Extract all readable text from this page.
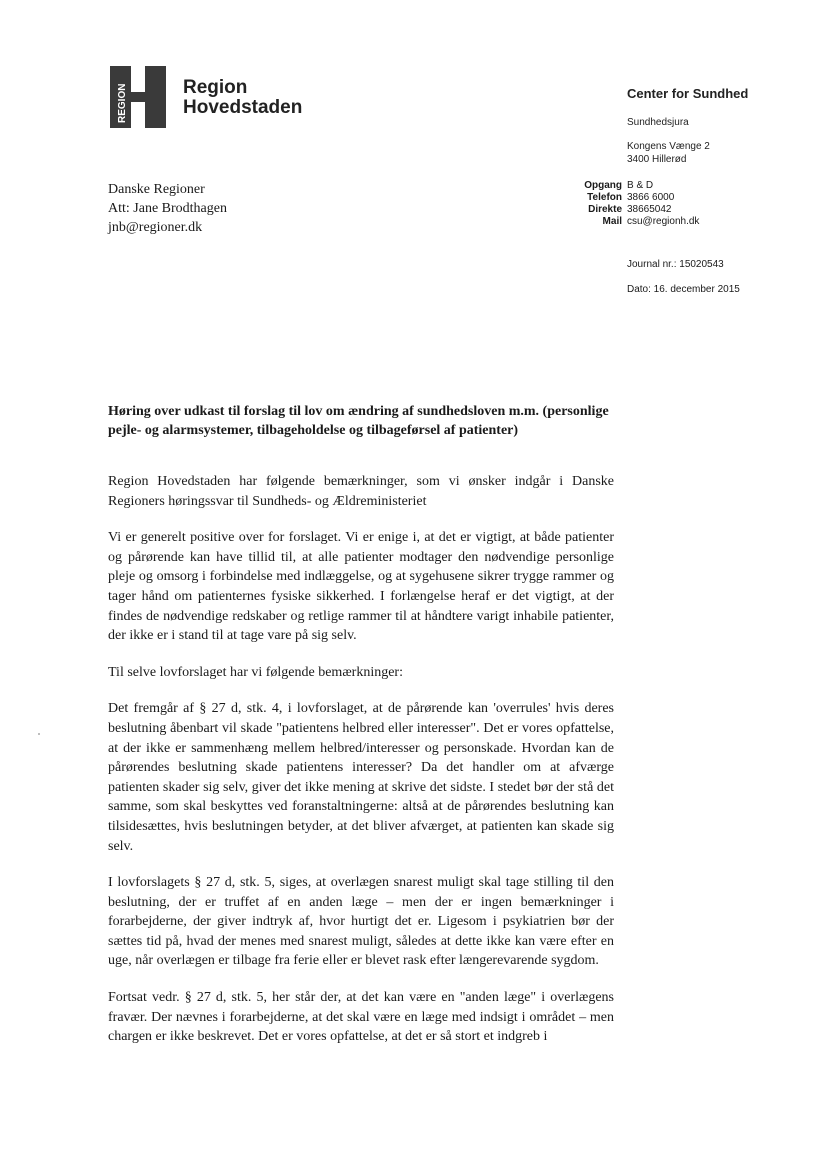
REGION	Region
Hovedstaden
Center for Sundhed
Sundhedsjura
Kongens Vænge 2
3400 Hillerød
Opgang B & D
Telefon 3866 6000
Direkte 38665042
Mail csu@regionh.dk
Journal nr.: 15020543
Dato: 16. december 2015
Danske Regioner
Att: Jane Brodthagen
jnb@regioner.dk
Høring over udkast til forslag til lov om ændring af sundhedsloven m.m. (personlige pejle- og alarmsystemer, tilbageholdelse og tilbageførsel af patienter)

Region Hovedstaden har følgende bemærkninger, som vi ønsker indgår i Danske Regioners høringssvar til Sundheds- og Ældreministeriet

Vi er generelt positive over for forslaget. Vi er enige i, at det er vigtigt, at både patienter og pårørende kan have tillid til, at alle patienter modtager den nødvendige personlige pleje og omsorg i forbindelse med indlæggelse, og at sygehusene sikrer trygge rammer og tager hånd om patienternes fysiske sikkerhed. I forlængelse heraf er det vigtigt, at der findes de nødvendige redskaber og retlige rammer til at håndtere varigt inhabile patienter, der ikke er i stand til at tage vare på sig selv.

Til selve lovforslaget har vi følgende bemærkninger:

Det fremgår af § 27 d, stk. 4, i lovforslaget, at de pårørende kan 'overrules' hvis deres beslutning åbenbart vil skade "patientens helbred eller interesser". Det er vores opfattelse, at der ikke er sammenhæng mellem helbred/interesser og personskade. Hvordan kan de pårørendes beslutning skade patientens interesser? Da det handler om at afværge patienten skader sig selv, giver det ikke mening at skrive det sidste. I stedet bør der stå det samme, som skal beskyttes ved foranstaltningerne: altså at de pårørendes beslutning kan tilsidesættes, hvis beslutningen betyder, at det bliver afværget, at patienten kan skade sig selv.

I lovforslagets § 27 d, stk. 5, siges, at overlægen snarest muligt skal tage stilling til den beslutning, der er truffet af en anden læge – men der er ingen bemærkninger i forarbejderne, der giver indtryk af, hvor hurtigt det er. Ligesom i psykiatrien bør der sættes tid på, hvad der menes med snarest muligt, således at dette ikke kan være efter en uge, når overlægen er tilbage fra ferie eller er blevet rask efter længerevarende sygdom.

Fortsat vedr. § 27 d, stk. 5, her står der, at det kan være en "anden læge" i overlægens fravær. Der nævnes i forarbejderne, at det skal være en læge med indsigt i området – men chargen er ikke beskrevet. Det er vores opfattelse, at det er så stort et indgreb i
